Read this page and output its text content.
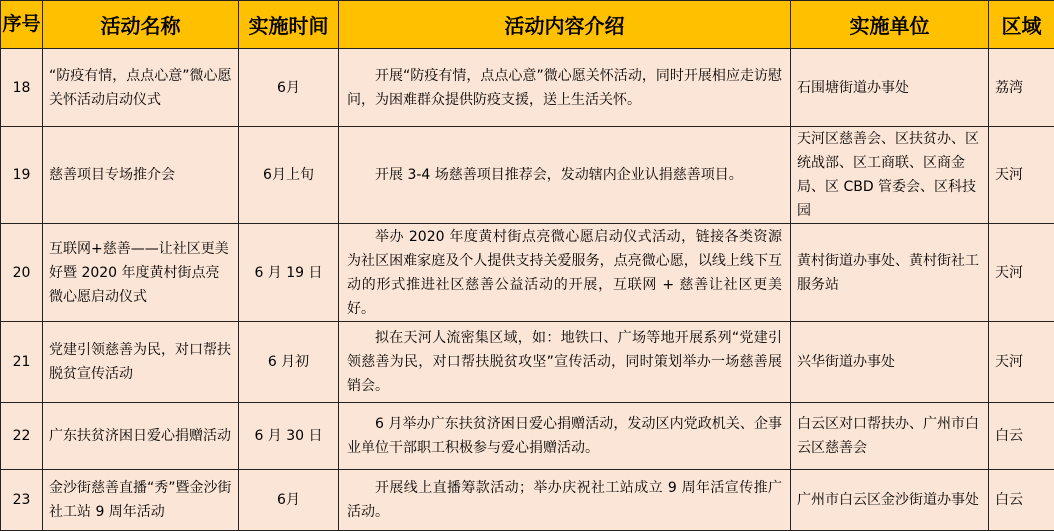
序号	活动名称	实施时间	活动内容介绍	实施单位	区域
18	“防疫有情，点点心意”微心愿关怀活动启动仪式	6月	开展“防疫有情，点点心意”微心愿关怀活动，同时开展相应走访慰问，为困难群众提供防疫支援，送上生活关怀。	石围塘街道办事处	荔湾
19	慈善项目专场推介会	6月上旬	开展 3-4 场慈善项目推荐会，发动辖内企业认捐慈善项目。	天河区慈善会、区扶贫办、区统战部、区工商联、区商金局、区 CBD 管委会、区科技园	天河
20	互联网+慈善——让社区更美好暨 2020 年度黄村街点亮微心愿启动仪式	6 月 19 日	举办 2020 年度黄村街点亮微心愿启动仪式活动，链接各类资源为社区困难家庭及个人提供支持关爱服务，点亮微心愿，以线上线下互动的形式推进社区慈善公益活动的开展，互联网 + 慈善让社区更美好。	黄村街道办事处、黄村街社工服务站	天河
21	党建引领慈善为民，对口帮扶脱贫宣传活动	6 月初	拟在天河人流密集区域，如：地铁口、广场等地开展系列“党建引领慈善为民，对口帮扶脱贫攻坚”宣传活动，同时策划举办一场慈善展销会。	兴华街道办事处	天河
22	广东扶贫济困日爱心捐赠活动	6 月 30 日	6 月举办广东扶贫济困日爱心捐赠活动，发动区内党政机关、企事业单位干部职工积极参与爱心捐赠活动。	白云区对口帮扶办、广州市白云区慈善会	白云
23	金沙街慈善直播“秀”暨金沙街社工站 9 周年活动	6月	开展线上直播筹款活动；举办庆祝社工站成立 9 周年活宣传推广活动。	广州市白云区金沙街道办事处	白云
